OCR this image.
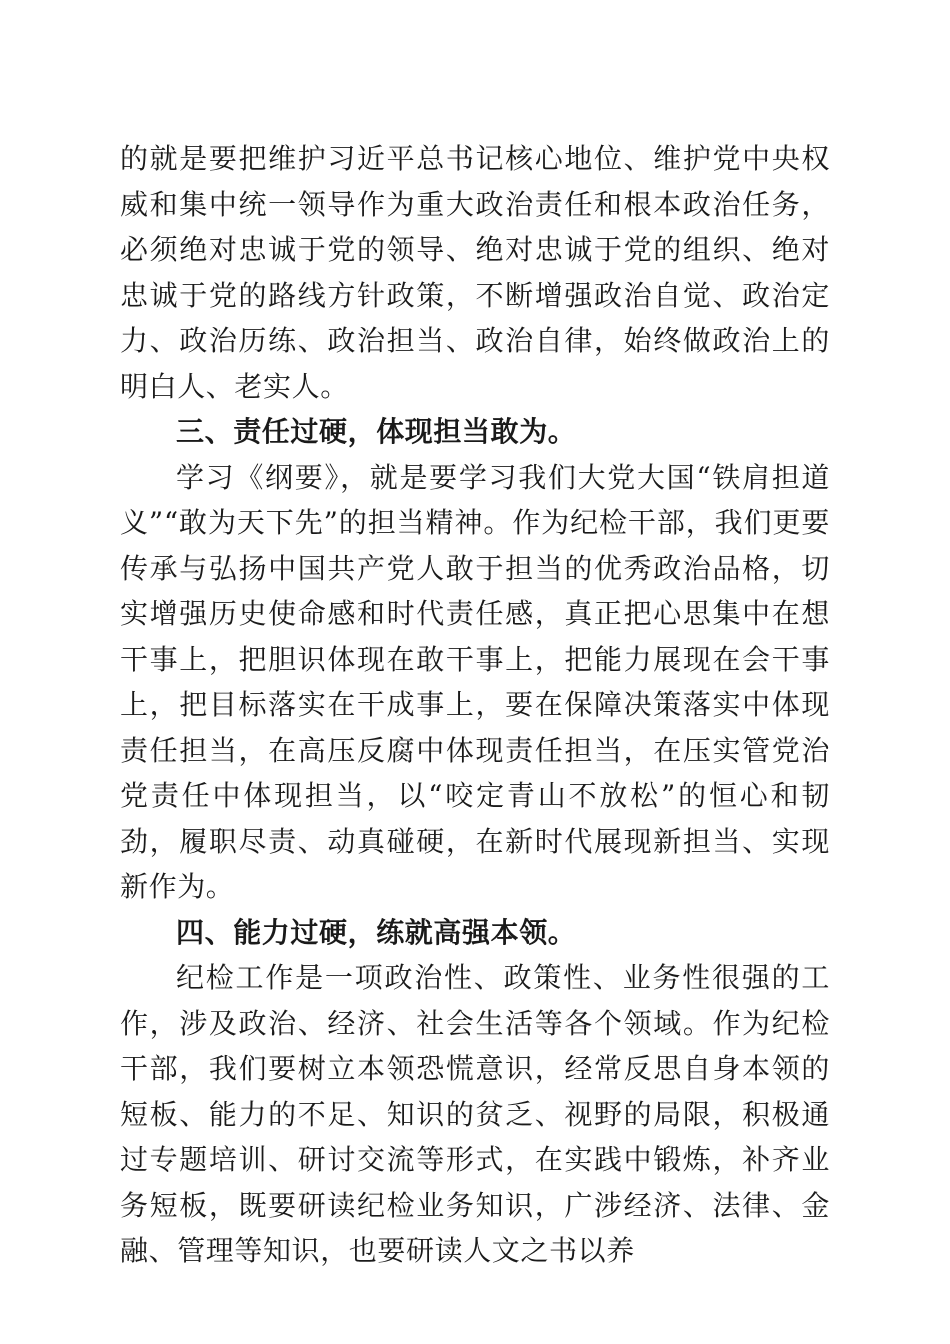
的就是要把维护习近平总书记核心地位、维护党中央权威和集中统一领导作为重大政治责任和根本政治任务，必须绝对忠诚于党的领导、绝对忠诚于党的组织、绝对忠诚于党的路线方针政策，不断增强政治自觉、政治定力、政治历练、政治担当、政治自律，始终做政治上的明白人、老实人。

三、责任过硬，体现担当敢为。

学习《纲要》，就是要学习我们大党大国“铁肩担道义”“敢为天下先”的担当精神。作为纪检干部，我们更要传承与弘扬中国共产党人敢于担当的优秀政治品格，切实增强历史使命感和时代责任感，真正把心思集中在想干事上，把胆识体现在敢干事上，把能力展现在会干事上，把目标落实在干成事上，要在保障决策落实中体现责任担当，在高压反腐中体现责任担当，在压实管党治党责任中体现担当，以“咬定青山不放松”的恒心和韧劲，履职尽责、动真碰硬，在新时代展现新担当、实现新作为。

四、能力过硬，练就高强本领。

纪检工作是一项政治性、政策性、业务性很强的工作，涉及政治、经济、社会生活等各个领域。作为纪检干部，我们要树立本领恐慌意识，经常反思自身本领的短板、能力的不足、知识的贫乏、视野的局限，积极通过专题培训、研讨交流等形式，在实践中锻炼，补齐业务短板，既要研读纪检业务知识，广涉经济、法律、金融、管理等知识，也要研读人文之书以养
